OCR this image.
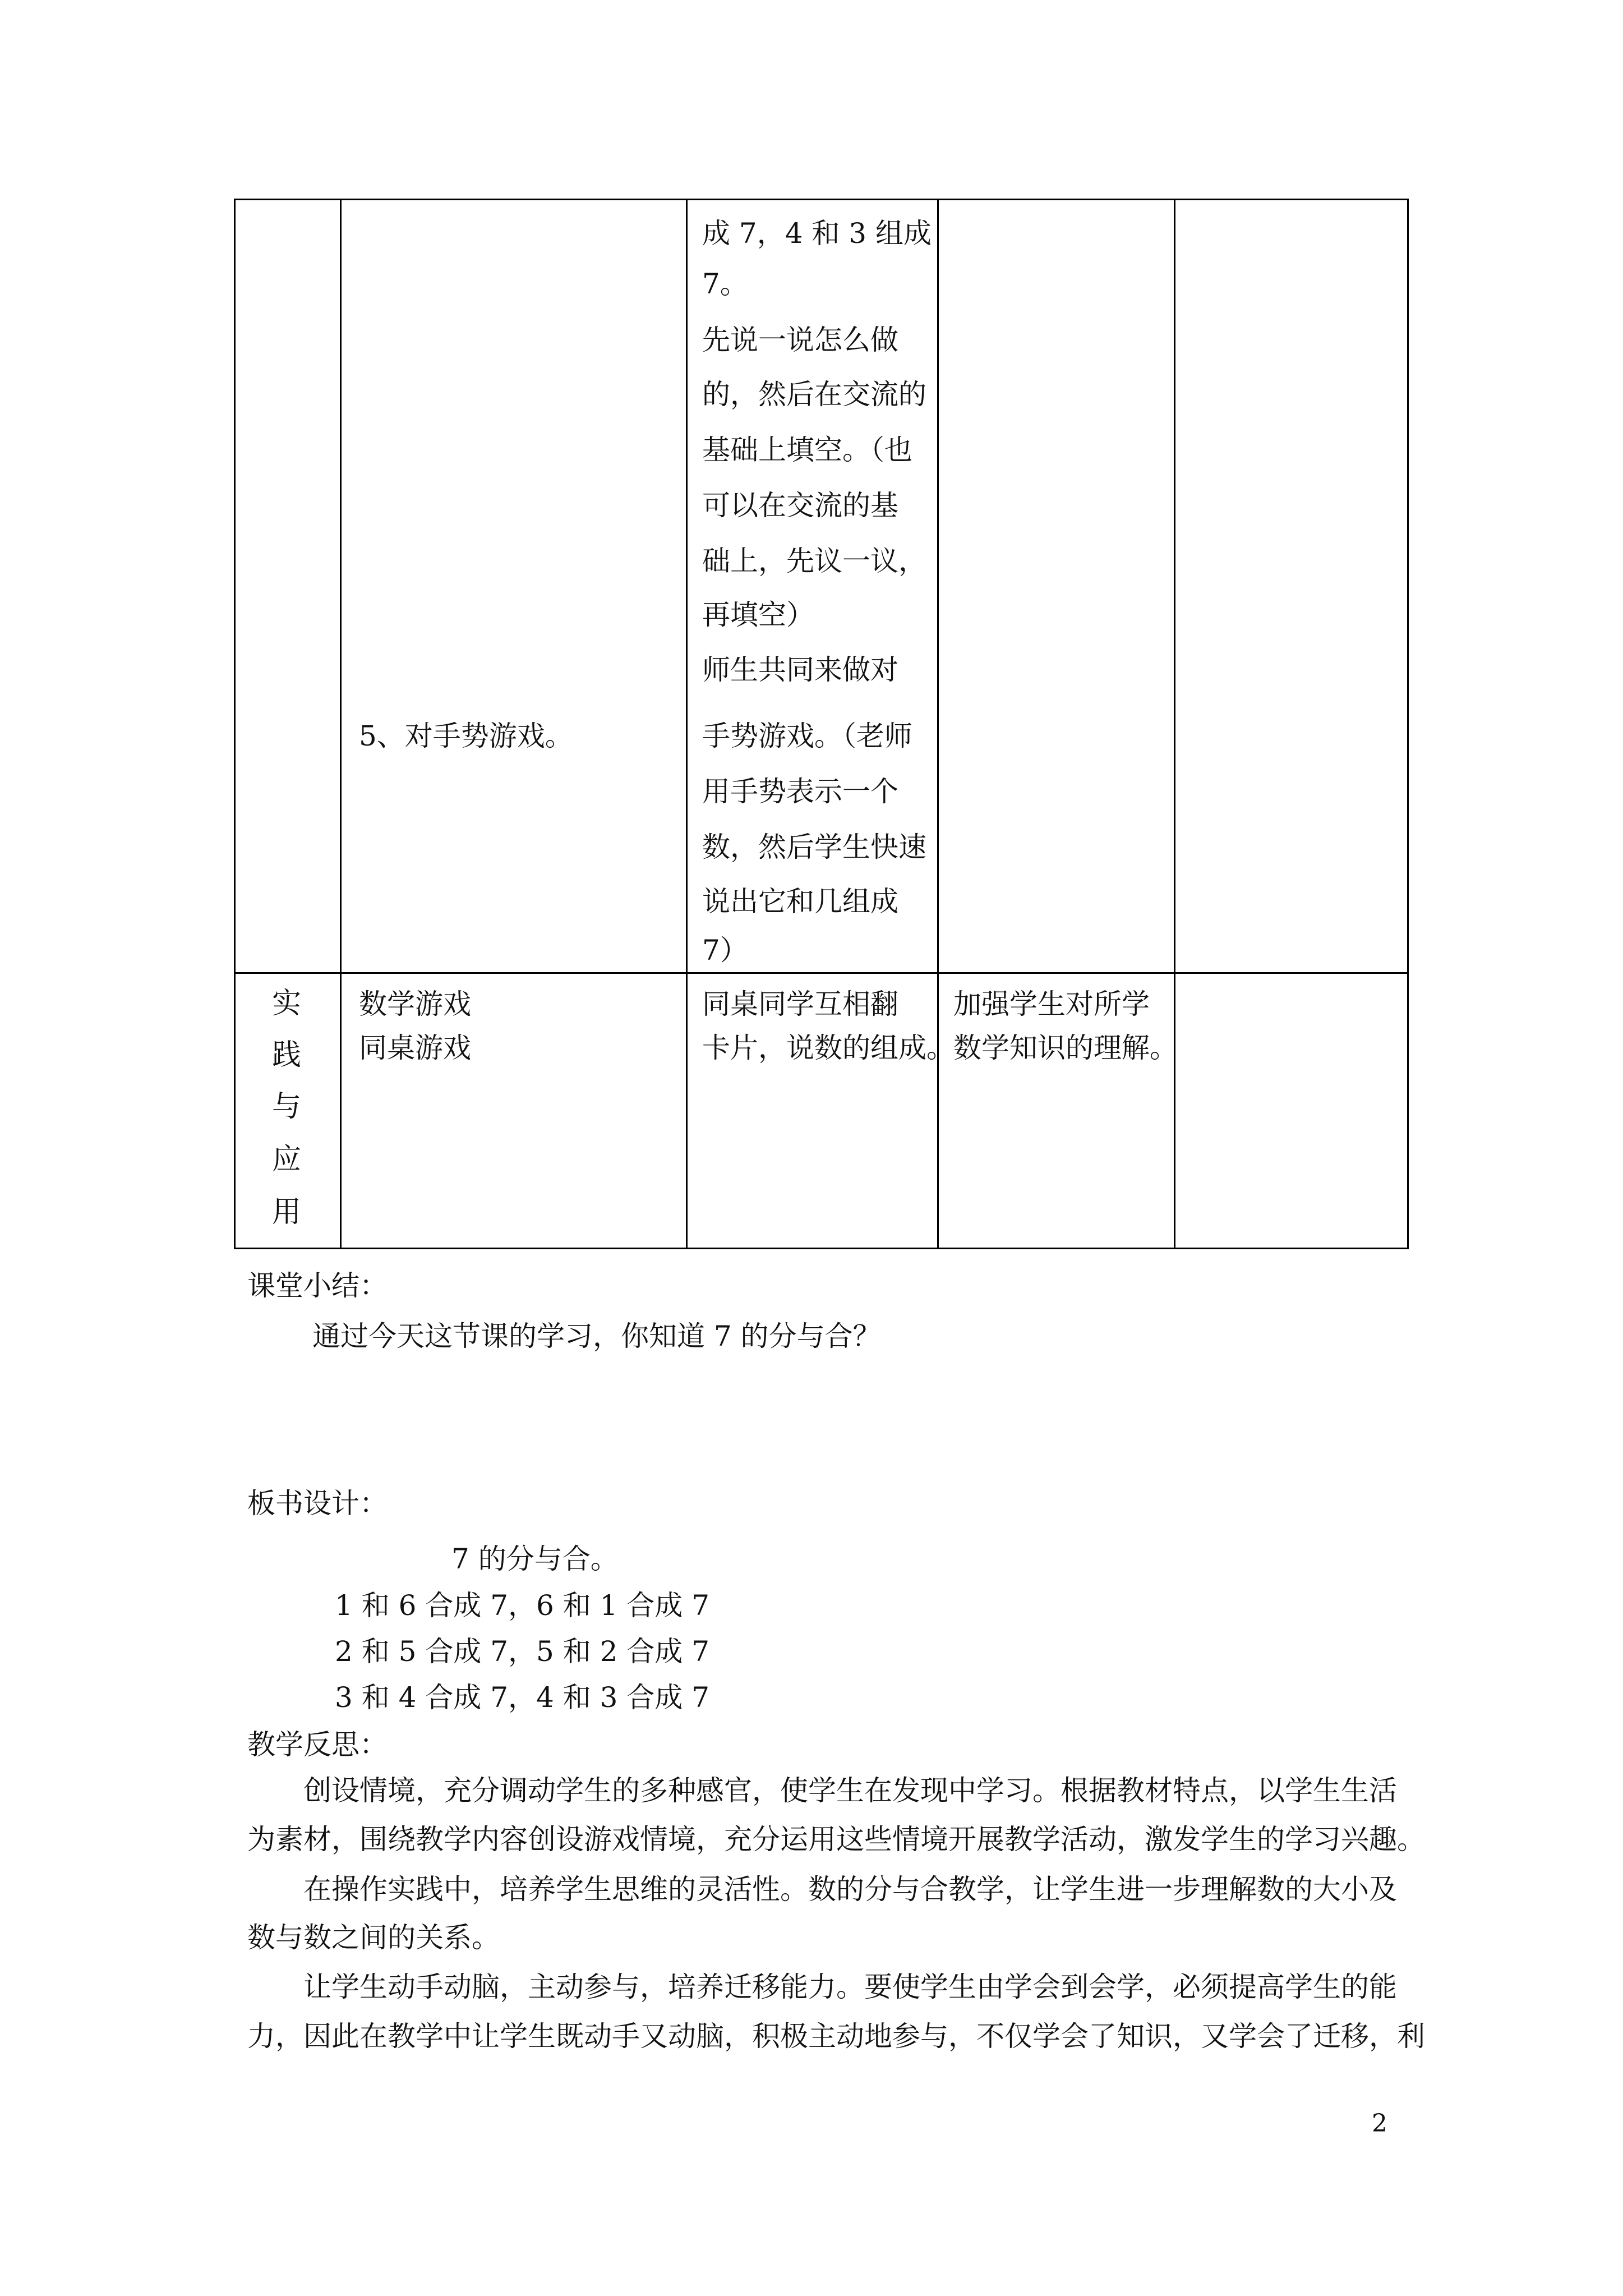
5、对手势游戏。
成 7，4 和 3 组成
7。
先说一说怎么做
的，然后在交流的
基础上填空。（也
可以在交流的基
础上，先议一议，
再填空）
师生共同来做对
手势游戏。（老师
用手势表示一个
数，然后学生快速
说出它和几组成
7）
实
践
与
应
用
数学游戏
同桌游戏
同桌同学互相翻
卡片，说数的组成。
加强学生对所学
数学知识的理解。
课堂小结：
通过今天这节课的学习，你知道 7 的分与合？
板书设计：
7 的分与合。
1 和 6 合成 7，6 和 1 合成 7
2 和 5 合成 7，5 和 2 合成 7
3 和 4 合成 7，4 和 3 合成 7
教学反思：
创设情境，充分调动学生的多种感官，使学生在发现中学习。根据教材特点，以学生生活
为素材，围绕教学内容创设游戏情境，充分运用这些情境开展教学活动，激发学生的学习兴趣。
在操作实践中，培养学生思维的灵活性。数的分与合教学，让学生进一步理解数的大小及
数与数之间的关系。
让学生动手动脑，主动参与，培养迁移能力。要使学生由学会到会学，必须提高学生的能
力，因此在教学中让学生既动手又动脑，积极主动地参与，不仅学会了知识，又学会了迁移，利
2
